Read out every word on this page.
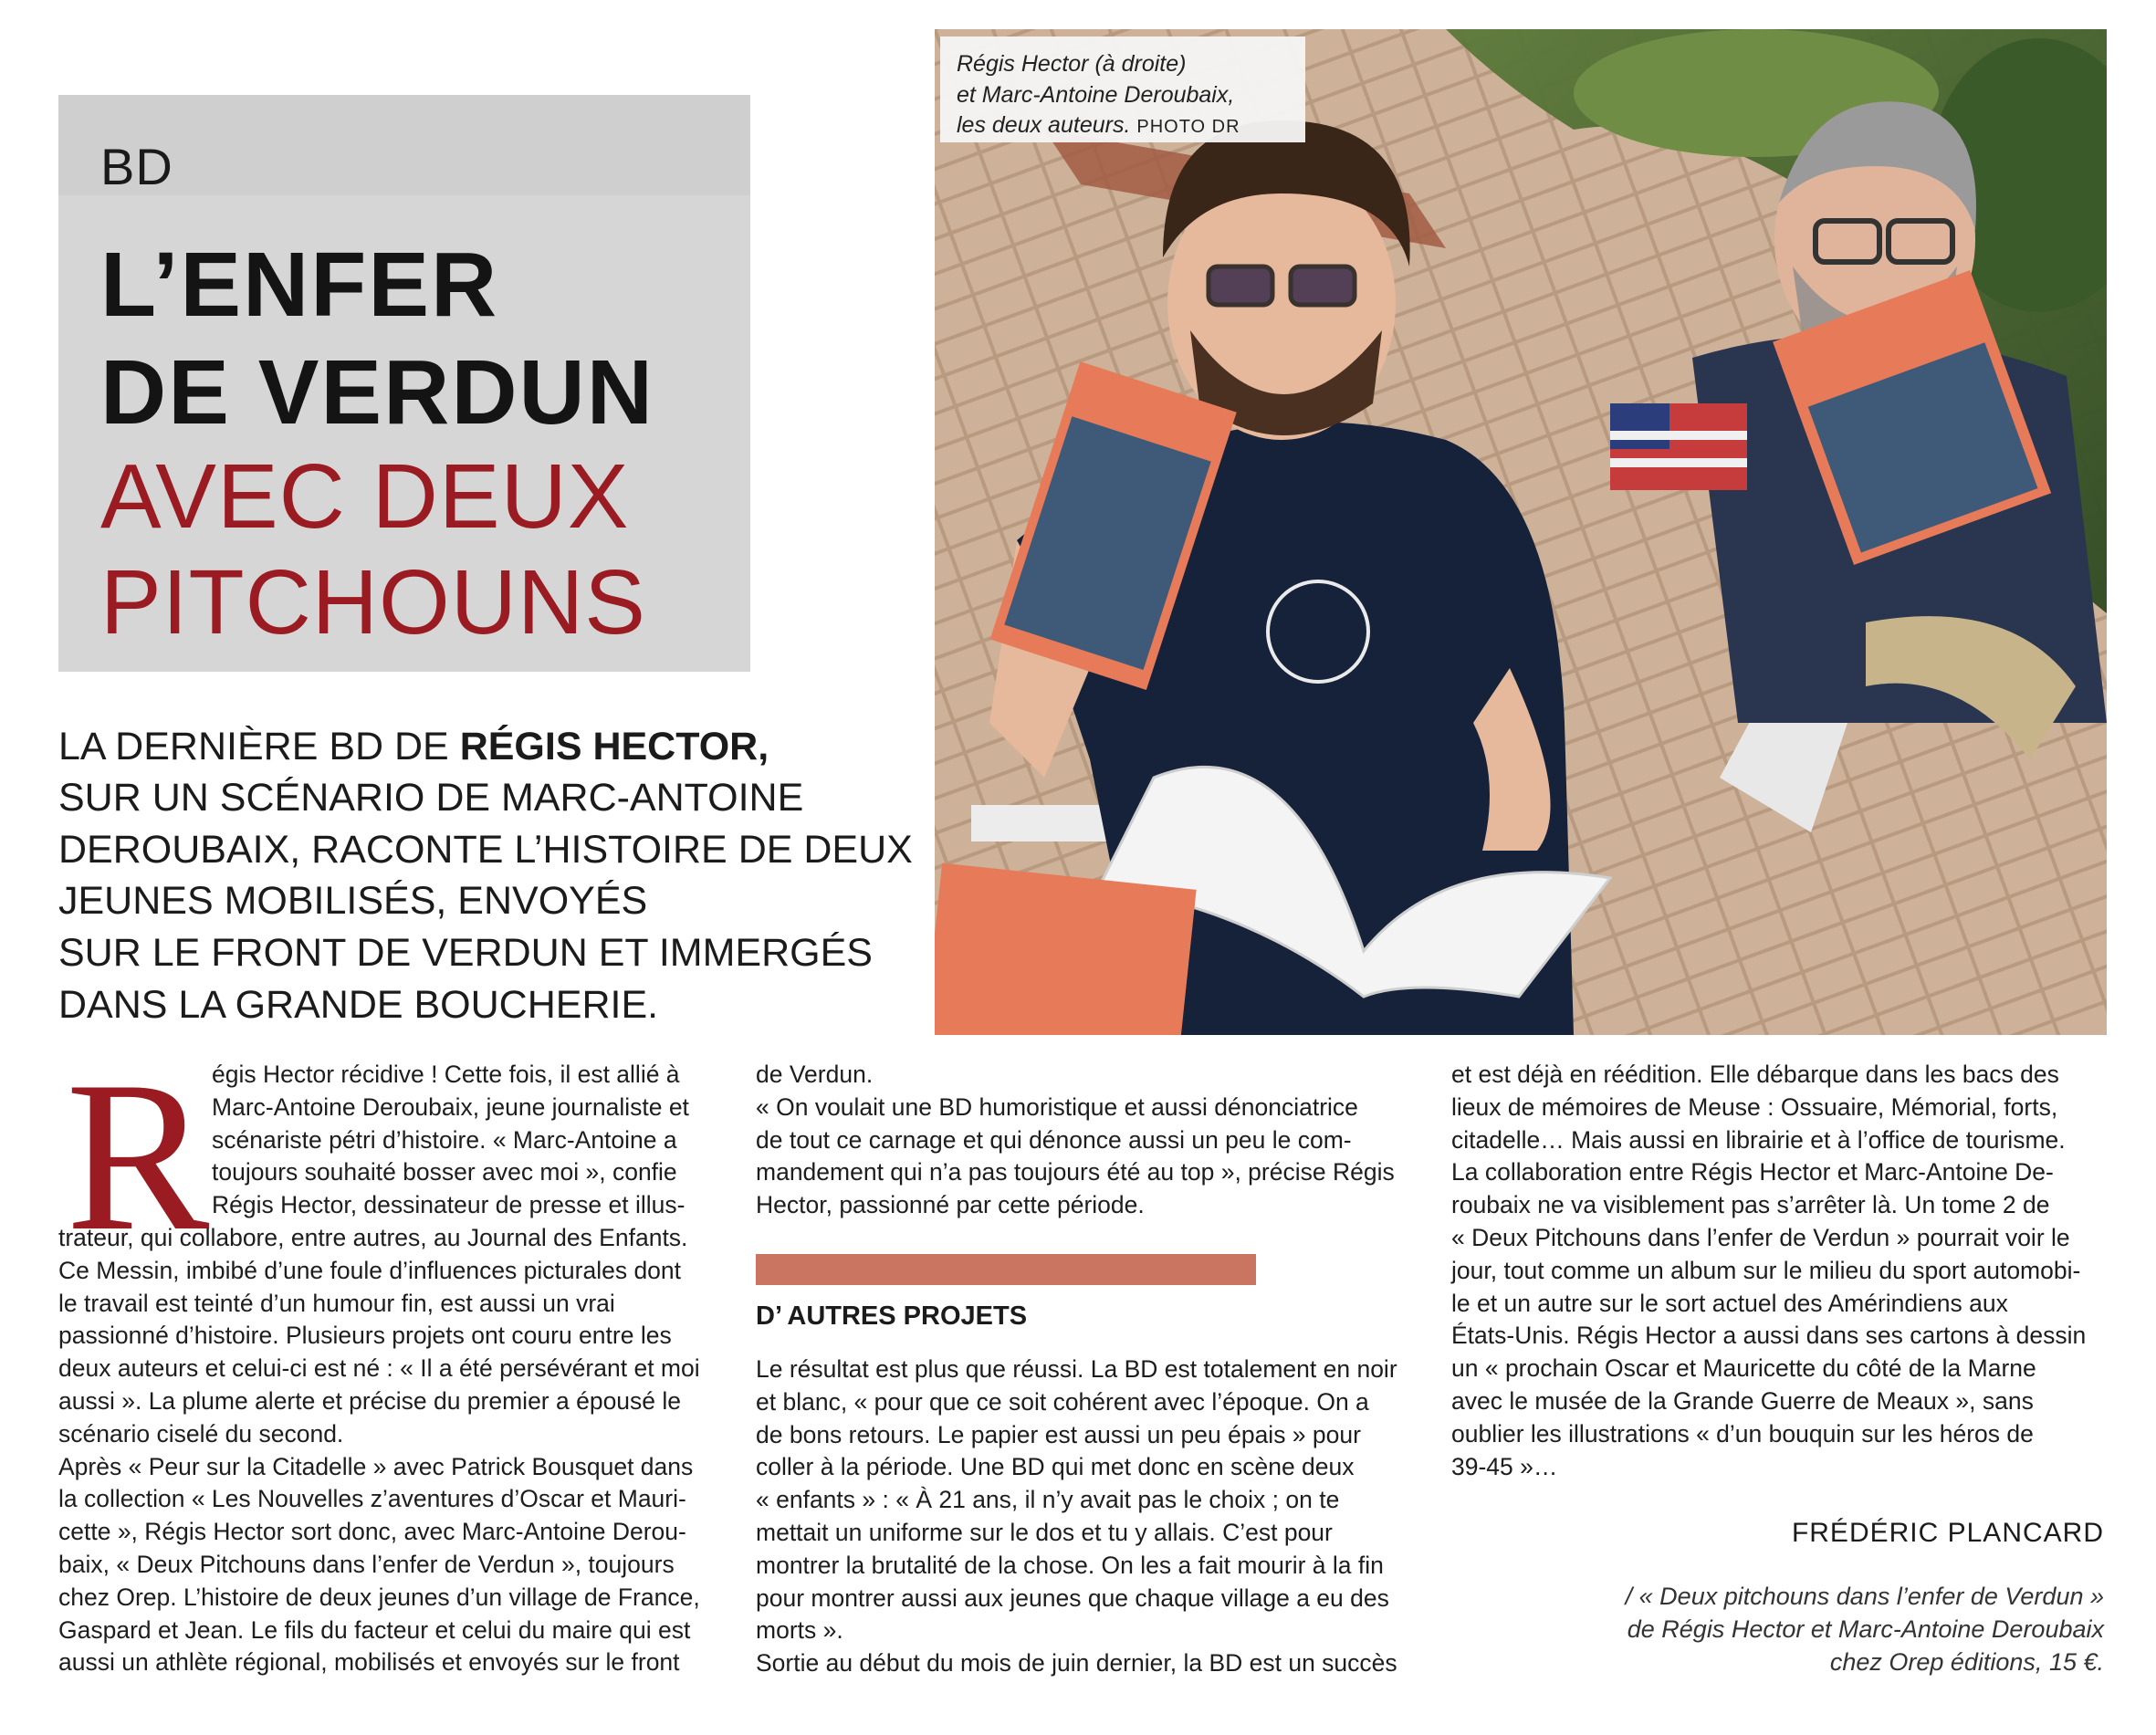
BD
L’ENFER
DE VERDUN
AVEC DEUX
PITCHOUNS
LA DERNIÈRE BD DE RÉGIS HECTOR,
SUR UN SCÉNARIO DE MARC-ANTOINE
DEROUBAIX, RACONTE L’HISTOIRE DE DEUX
JEUNES MOBILISÉS, ENVOYÉS
SUR LE FRONT DE VERDUN ET IMMERGÉS
DANS LA GRANDE BOUCHERIE.
Régis Hector (à droite)
et Marc-Antoine Deroubaix,
les deux auteurs. PHOTO DR
R égis Hector récidive ! Cette fois, il est allié à
Marc-Antoine Deroubaix, jeune journaliste et
scénariste pétri d’histoire. « Marc-Antoine a
toujours souhaité bosser avec moi », confie
Régis Hector, dessinateur de presse et illus-
trateur, qui collabore, entre autres, au Journal des Enfants.
Ce Messin, imbibé d’une foule d’influences picturales dont
le travail est teinté d’un humour fin, est aussi un vrai
passionné d’histoire. Plusieurs projets ont couru entre les
deux auteurs et celui-ci est né : « Il a été persévérant et moi
aussi ». La plume alerte et précise du premier a épousé le
scénario ciselé du second.
Après « Peur sur la Citadelle » avec Patrick Bousquet dans
la collection « Les Nouvelles z’aventures d’Oscar et Mauri-
cette », Régis Hector sort donc, avec Marc-Antoine Derou-
baix, « Deux Pitchouns dans l’enfer de Verdun », toujours
chez Orep. L’histoire de deux jeunes d’un village de France,
Gaspard et Jean. Le fils du facteur et celui du maire qui est
aussi un athlète régional, mobilisés et envoyés sur le front
de Verdun.
« On voulait une BD humoristique et aussi dénonciatrice
de tout ce carnage et qui dénonce aussi un peu le com-
mandement qui n’a pas toujours été au top », précise Régis
Hector, passionné par cette période.
D’ AUTRES PROJETS
Le résultat est plus que réussi. La BD est totalement en noir
et blanc, « pour que ce soit cohérent avec l’époque. On a
de bons retours. Le papier est aussi un peu épais » pour
coller à la période. Une BD qui met donc en scène deux
« enfants » : « À 21 ans, il n’y avait pas le choix ; on te
mettait un uniforme sur le dos et tu y allais. C’est pour
montrer la brutalité de la chose. On les a fait mourir à la fin
pour montrer aussi aux jeunes que chaque village a eu des
morts ».
Sortie au début du mois de juin dernier, la BD est un succès
et est déjà en réédition. Elle débarque dans les bacs des
lieux de mémoires de Meuse : Ossuaire, Mémorial, forts,
citadelle… Mais aussi en librairie et à l’office de tourisme.
La collaboration entre Régis Hector et Marc-Antoine De-
roubaix ne va visiblement pas s’arrêter là. Un tome 2 de
« Deux Pitchouns dans l’enfer de Verdun » pourrait voir le
jour, tout comme un album sur le milieu du sport automobi-
le et un autre sur le sort actuel des Amérindiens aux
États-Unis. Régis Hector a aussi dans ses cartons à dessin
un « prochain Oscar et Mauricette du côté de la Marne
avec le musée de la Grande Guerre de Meaux », sans
oublier les illustrations « d’un bouquin sur les héros de
39-45 »…
FRÉDÉRIC PLANCARD
/ « Deux pitchouns dans l’enfer de Verdun »
de Régis Hector et Marc-Antoine Deroubaix
chez Orep éditions, 15 €.
